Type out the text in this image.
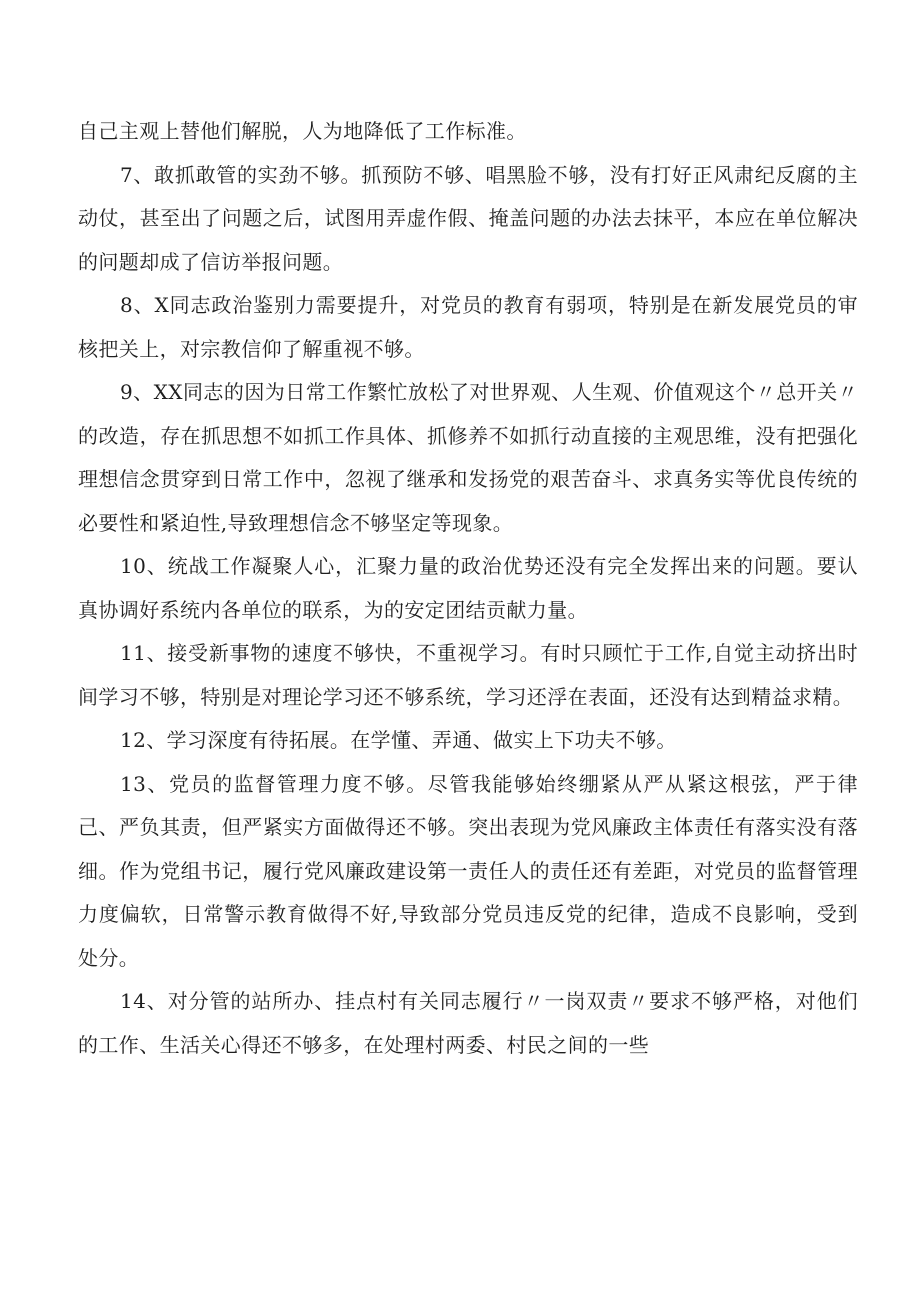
自己主观上替他们解脱，人为地降低了工作标准。

7、敢抓敢管的实劲不够。抓预防不够、唱黑脸不够，没有打好正风肃纪反腐的主动仗，甚至出了问题之后，试图用弄虚作假、掩盖问题的办法去抹平，本应在单位解决的问题却成了信访举报问题。

8、X同志政治鉴别力需要提升，对党员的教育有弱项，特别是在新发展党员的审核把关上，对宗教信仰了解重视不够。

9、XX同志的因为日常工作繁忙放松了对世界观、人生观、价值观这个〃总开关〃的改造，存在抓思想不如抓工作具体、抓修养不如抓行动直接的主观思维，没有把强化理想信念贯穿到日常工作中，忽视了继承和发扬党的艰苦奋斗、求真务实等优良传统的必要性和紧迫性,导致理想信念不够坚定等现象。

10、统战工作凝聚人心，汇聚力量的政治优势还没有完全发挥出来的问题。要认真协调好系统内各单位的联系，为的安定团结贡献力量。

11、接受新事物的速度不够快，不重视学习。有时只顾忙于工作,自觉主动挤出时间学习不够，特别是对理论学习还不够系统，学习还浮在表面，还没有达到精益求精。

12、学习深度有待拓展。在学懂、弄通、做实上下功夫不够。

13、党员的监督管理力度不够。尽管我能够始终绷紧从严从紧这根弦，严于律己、严负其责，但严紧实方面做得还不够。突出表现为党风廉政主体责任有落实没有落细。作为党组书记，履行党风廉政建设第一责任人的责任还有差距，对党员的监督管理力度偏软，日常警示教育做得不好,导致部分党员违反党的纪律，造成不良影响，受到处分。

14、对分管的站所办、挂点村有关同志履行〃一岗双责〃要求不够严格，对他们的工作、生活关心得还不够多，在处理村两委、村民之间的一些
